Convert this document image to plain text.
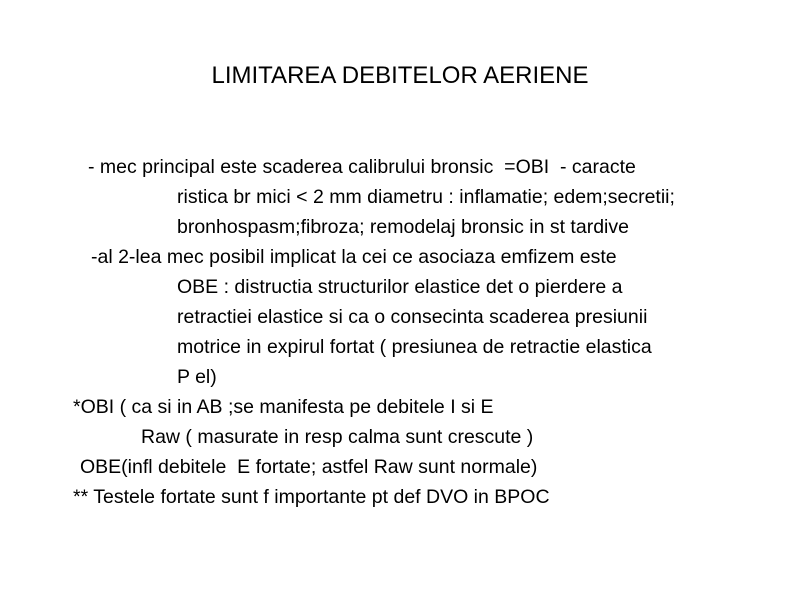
LIMITAREA DEBITELOR AERIENE
- mec principal este scaderea calibrului bronsic  =OBI  - caracte
ristica br mici < 2 mm diametru : inflamatie; edem;secretii;
bronhospasm;fibroza; remodelaj bronsic in st tardive
-al 2-lea mec posibil implicat la cei ce asociaza emfizem este
OBE : distructia structurilor elastice det o pierdere a
retractiei elastice si ca o consecinta scaderea presiunii
motrice in expirul fortat ( presiunea de retractie elastica
P el)
*OBI ( ca si in AB ;se manifesta pe debitele I si E
Raw ( masurate in resp calma sunt crescute )
OBE(infl debitele  E fortate; astfel Raw sunt normale)
** Testele fortate sunt f importante pt def DVO in BPOC
